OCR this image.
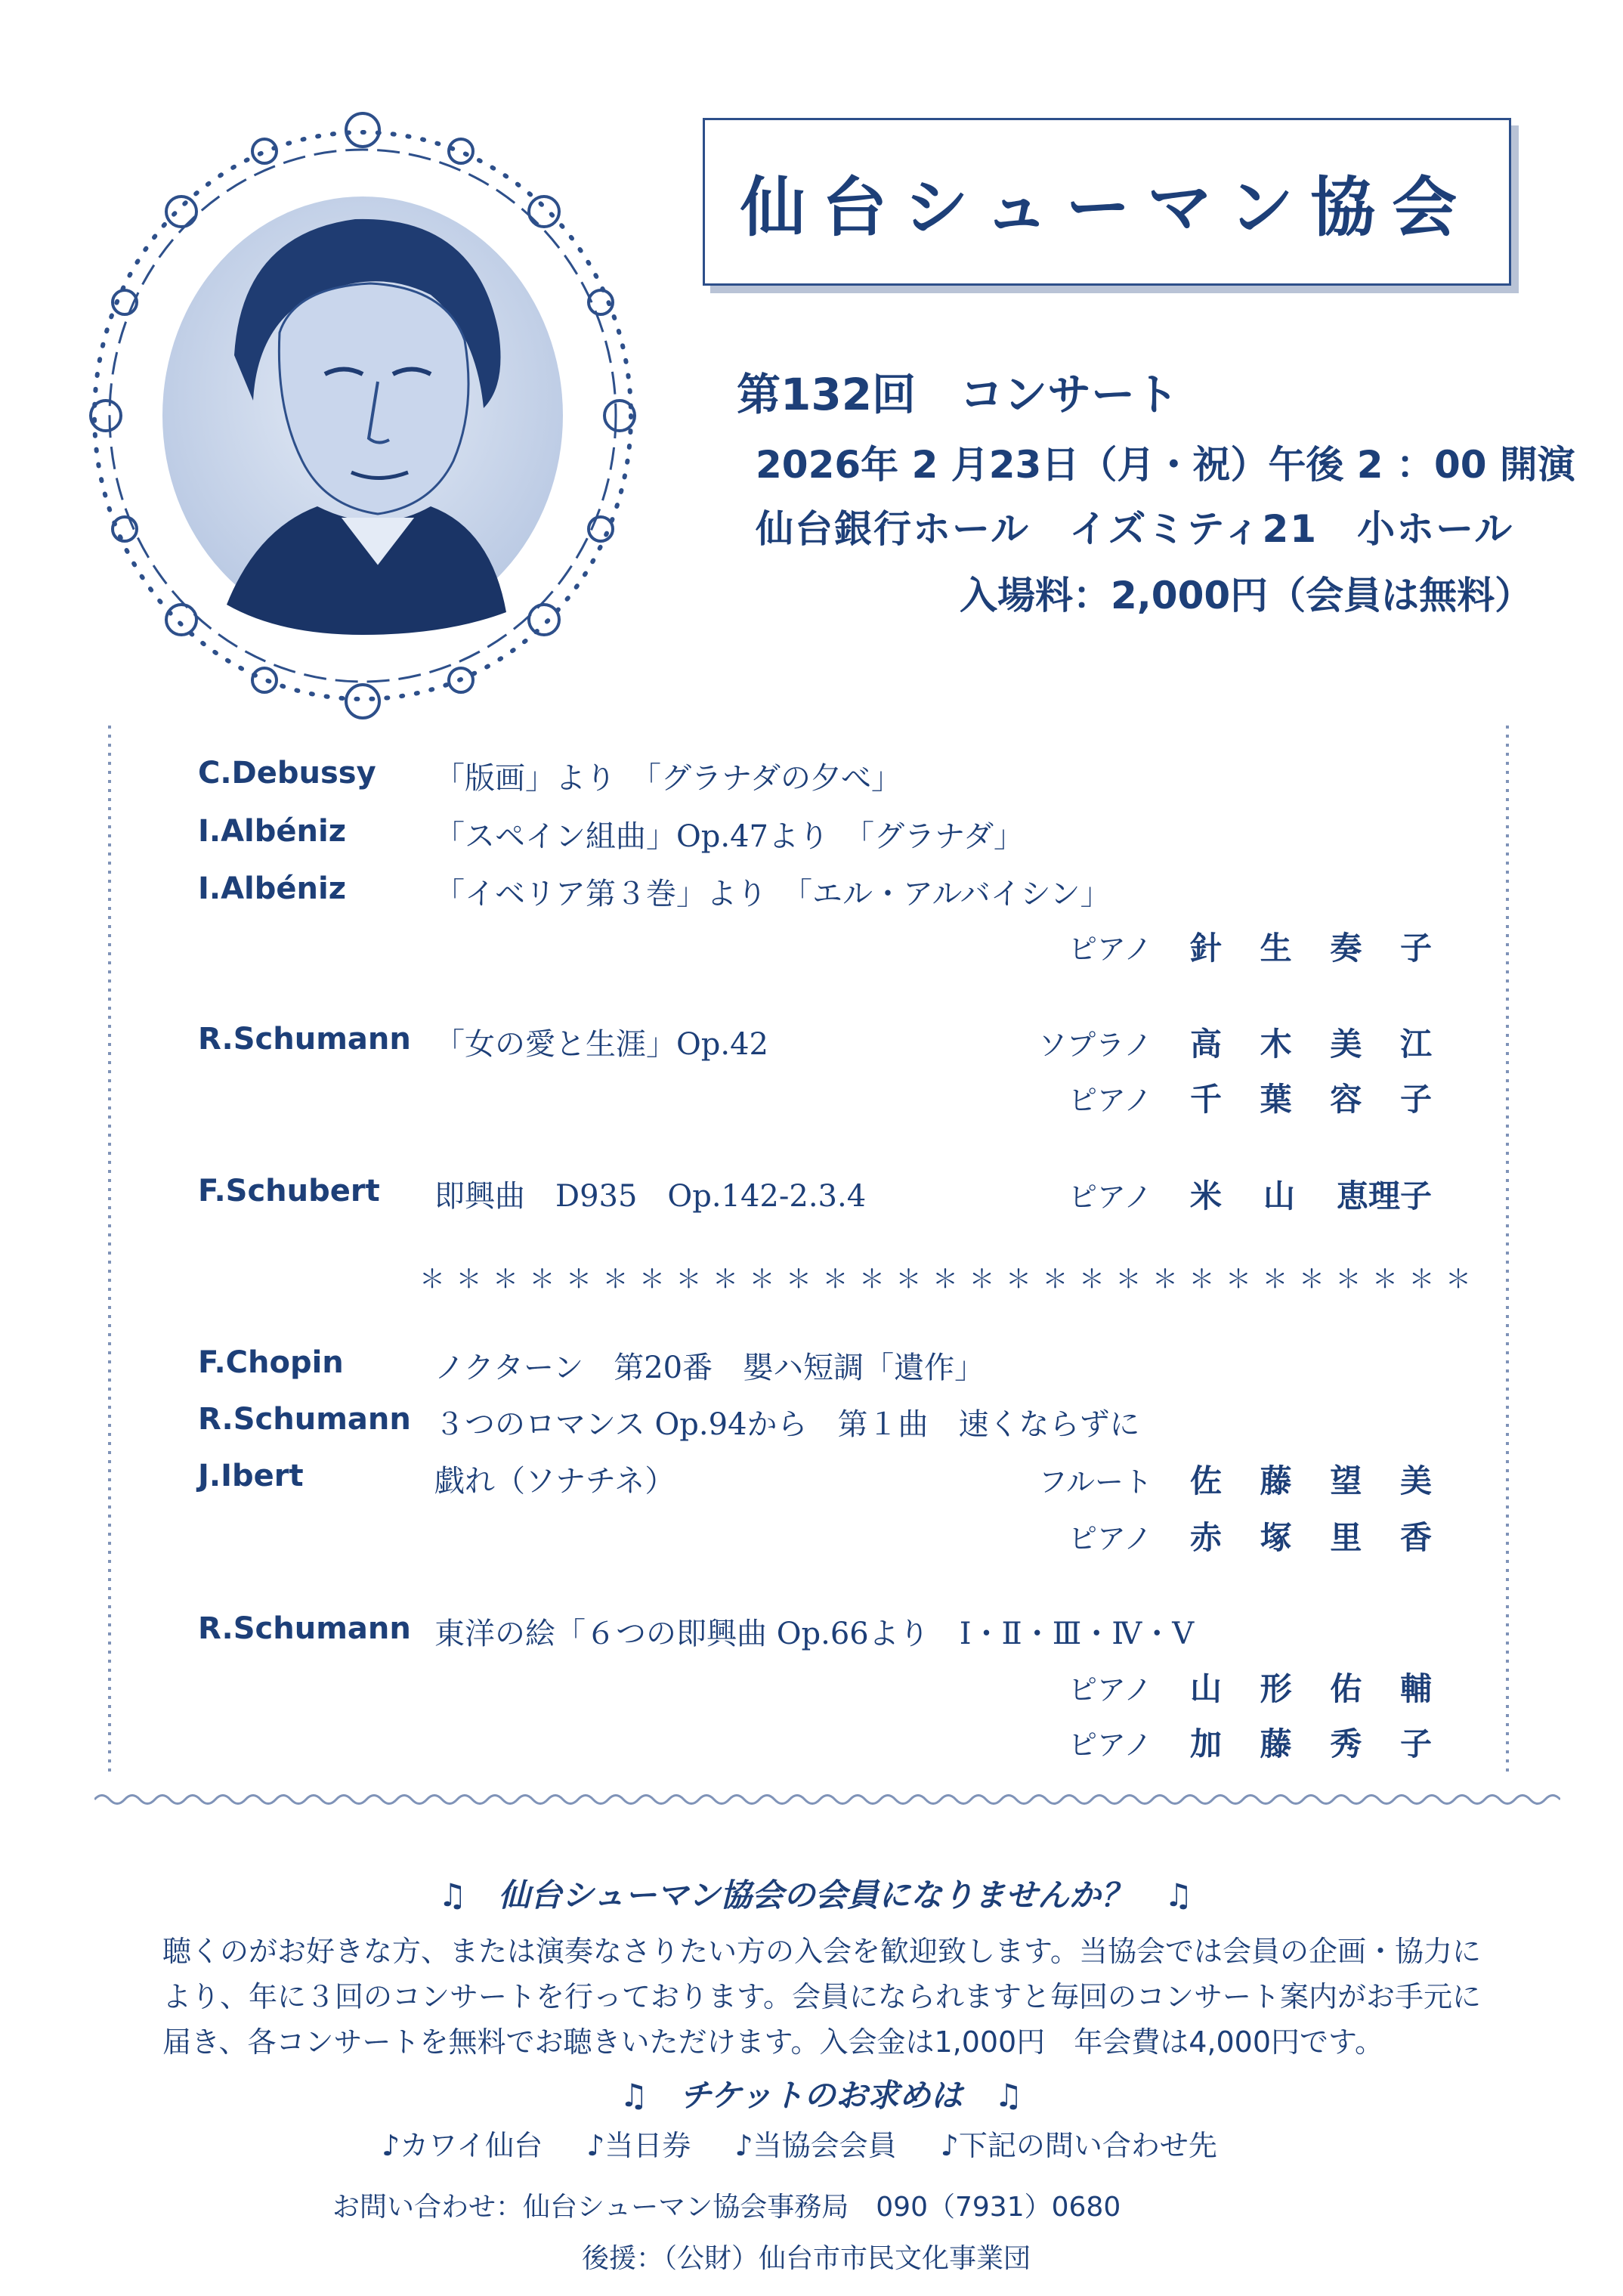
仙台シューマン協会
第132回　コンサート
2026年 2 月23日（月・祝）午後 2 ：00 開演
仙台銀行ホール　イズミティ21　小ホール
入場料：2,000円（会員は無料）
C.Debussy 「版画」より　「グラナダの夕べ」
I.Albéniz	「スペイン組曲」Op.47より　「グラナダ」
I.Albéniz	「イベリア第３巻」より　「エル・アルバイシン」
ピアノ 針 生 奏 子
R.Schumann 「女の愛と生涯」Op.42	ソプラノ 高 木 美 江
ピアノ 千 葉 容 子
F.Schubert 即興曲　D935　Op.142-2.3.4	ピアノ 米 山 恵理子
＊＊＊＊＊＊＊＊＊＊＊＊＊＊＊＊＊＊＊＊＊＊＊＊＊＊＊＊＊
F.Chopin	ノクターン　第20番　嬰ハ短調「遺作」
R.Schumann ３つのロマンス Op.94から　第１曲　速くならずに
J.Ibert	戯れ（ソナチネ）	フルート 佐 藤 望 美
ピアノ 赤 塚 里 香
R.Schumann 東洋の絵「６つの即興曲 Op.66より　Ⅰ・Ⅱ・Ⅲ・Ⅳ・Ⅴ
ピアノ 山 形 佑 輔
ピアノ 加 藤 秀 子
♫　仙台シューマン協会の会員になりませんか？　♫
聴くのがお好きな方、または演奏なさりたい方の入会を歓迎致します。当協会では会員の企画・協力により、年に３回のコンサートを行っております。会員になられますと毎回のコンサート案内がお手元に届き、各コンサートを無料でお聴きいただけます。入会金は1,000円　年会費は4,000円です。
♫　チケットのお求めは　♫
♪カワイ仙台 ♪当日券 ♪当協会会員 ♪下記の問い合わせ先
お問い合わせ：仙台シューマン協会事務局　090（7931）0680
後援：（公財）仙台市市民文化事業団
